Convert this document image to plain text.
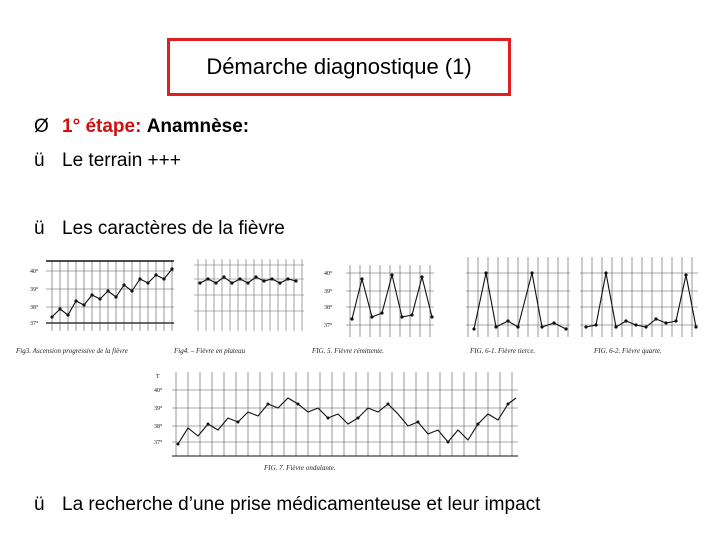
Démarche diagnostique (1)
Ø 1° étape:
Anamnèse:
ü Le terrain +++
ü Les caractères de la fièvre
ü La recherche d’une prise médicamenteuse et leur impact
40°
39°
38°
37°
Fig3. Ascension progressive de la fièvre	Fig4. – Fièvre en plateau
40°
39°
38°
37°
FIG. 5. Fièvre rémittente.	FIG. 6-1. Fièvre tierce.	FIG. 6-2. Fièvre quarte.
T
40°
39°
38°
37°
FIG. 7. Fièvre ondulante.
